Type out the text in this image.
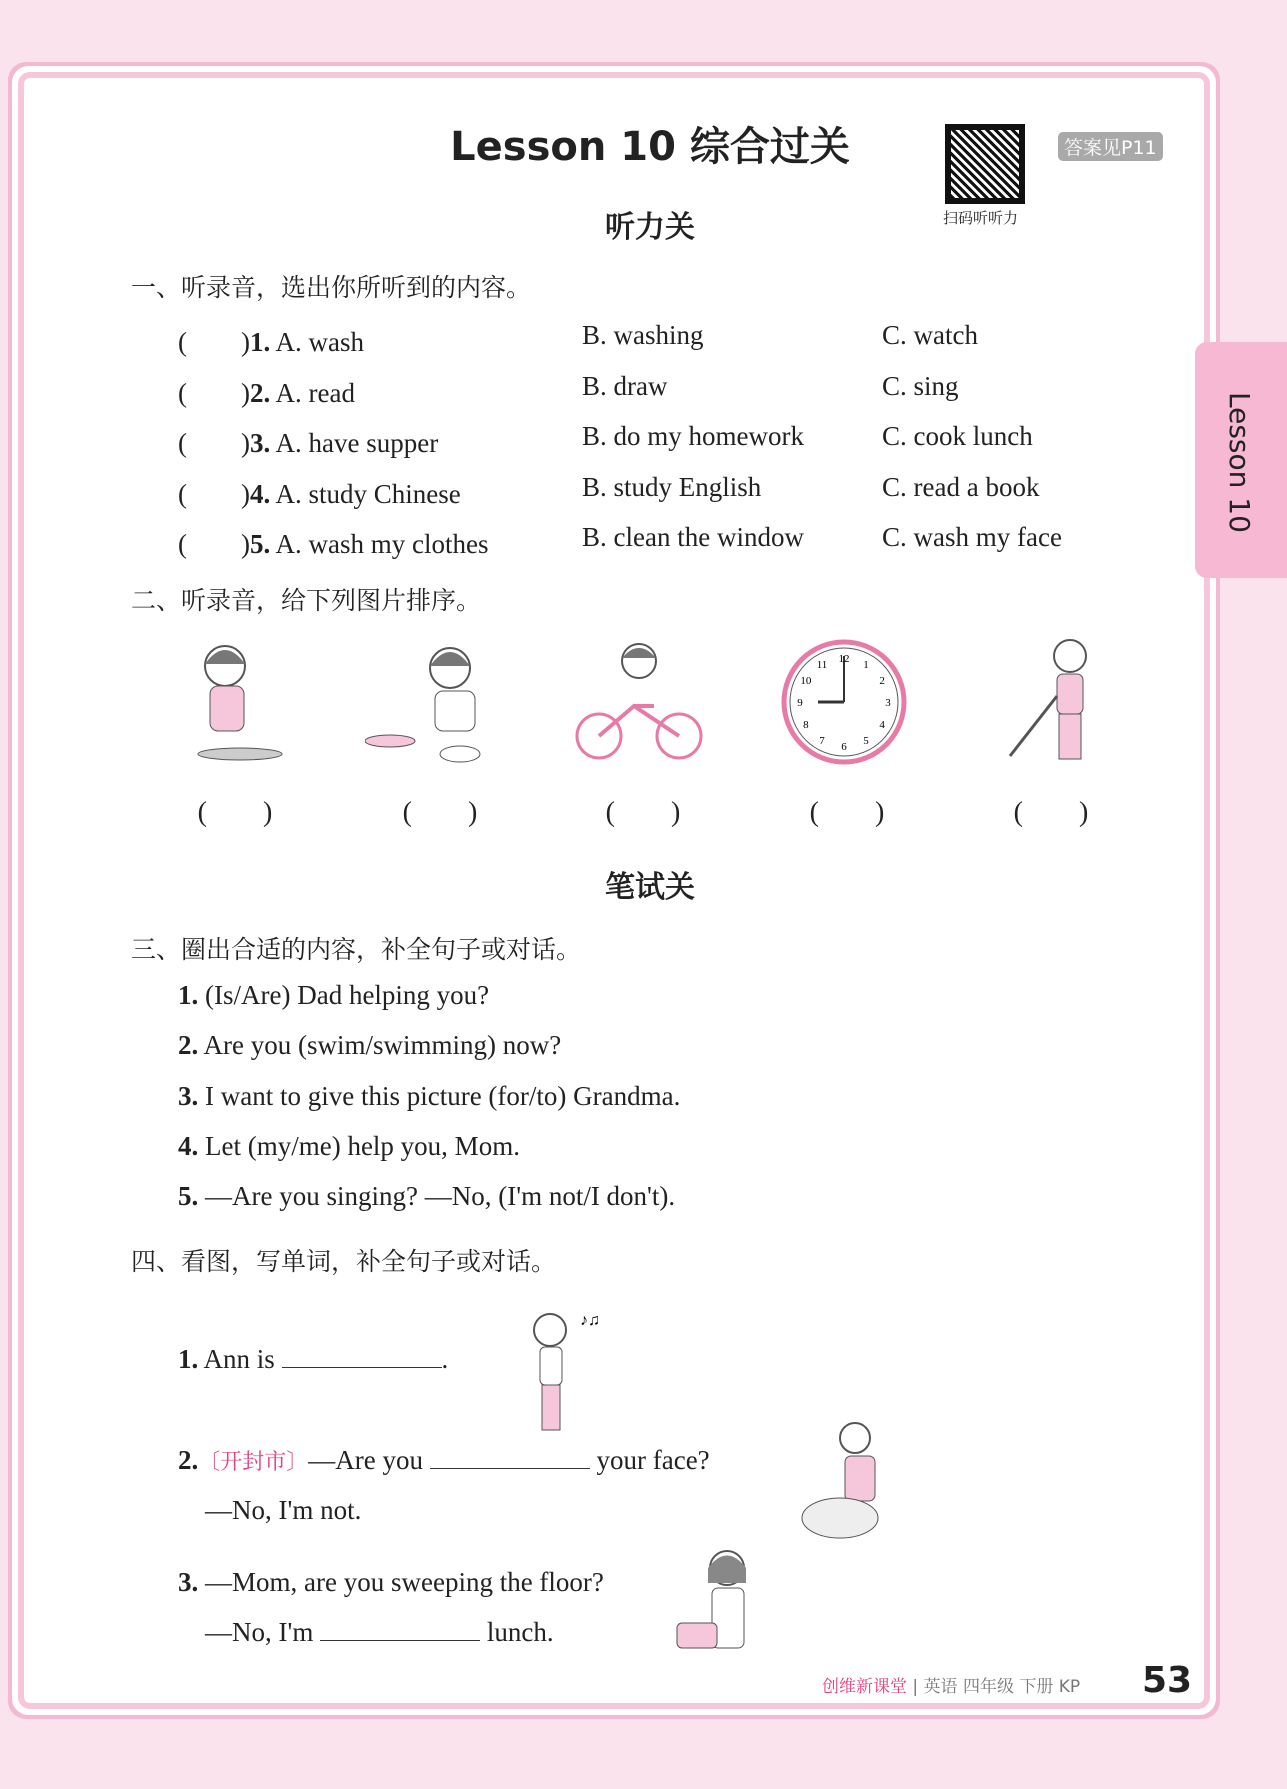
Lesson 10 综合过关
扫码听听力
答案见P11
Lesson 10
听力关
一、听录音，选出你所听到的内容。
(　　)1. A. wash	B. washing	C. watch
(　　)2. A. read	B. draw	C. sing
(　　)3. A. have supper	B. do my homework	C. cook lunch
(　　)4. A. study Chinese	B. study English	C. read a book
(　　)5. A. wash my clothes	B. clean the window	C. wash my face
二、听录音，给下列图片排序。
12 1
2
3
4
5
6
7
8
9
10
11
(　　)	(　　)	(　　)	(　　)	(　　)
笔试关
三、圈出合适的内容，补全句子或对话。
1. (Is/Are) Dad helping you?
2. Are you (swim/swimming) now?
3. I want to give this picture (for/to) Grandma.
4. Let (my/me) help you, Mom.
5. —Are you singing? —No, (I'm not/I don't).
四、看图，写单词，补全句子或对话。
1. Ann is	.
♪♫
2.〔开封市〕—Are you	your face?
—No, I'm not.
3. —Mom, are you sweeping the floor?
—No, I'm	lunch.
创维新课堂 | 英语 四年级 下册 KP 53
